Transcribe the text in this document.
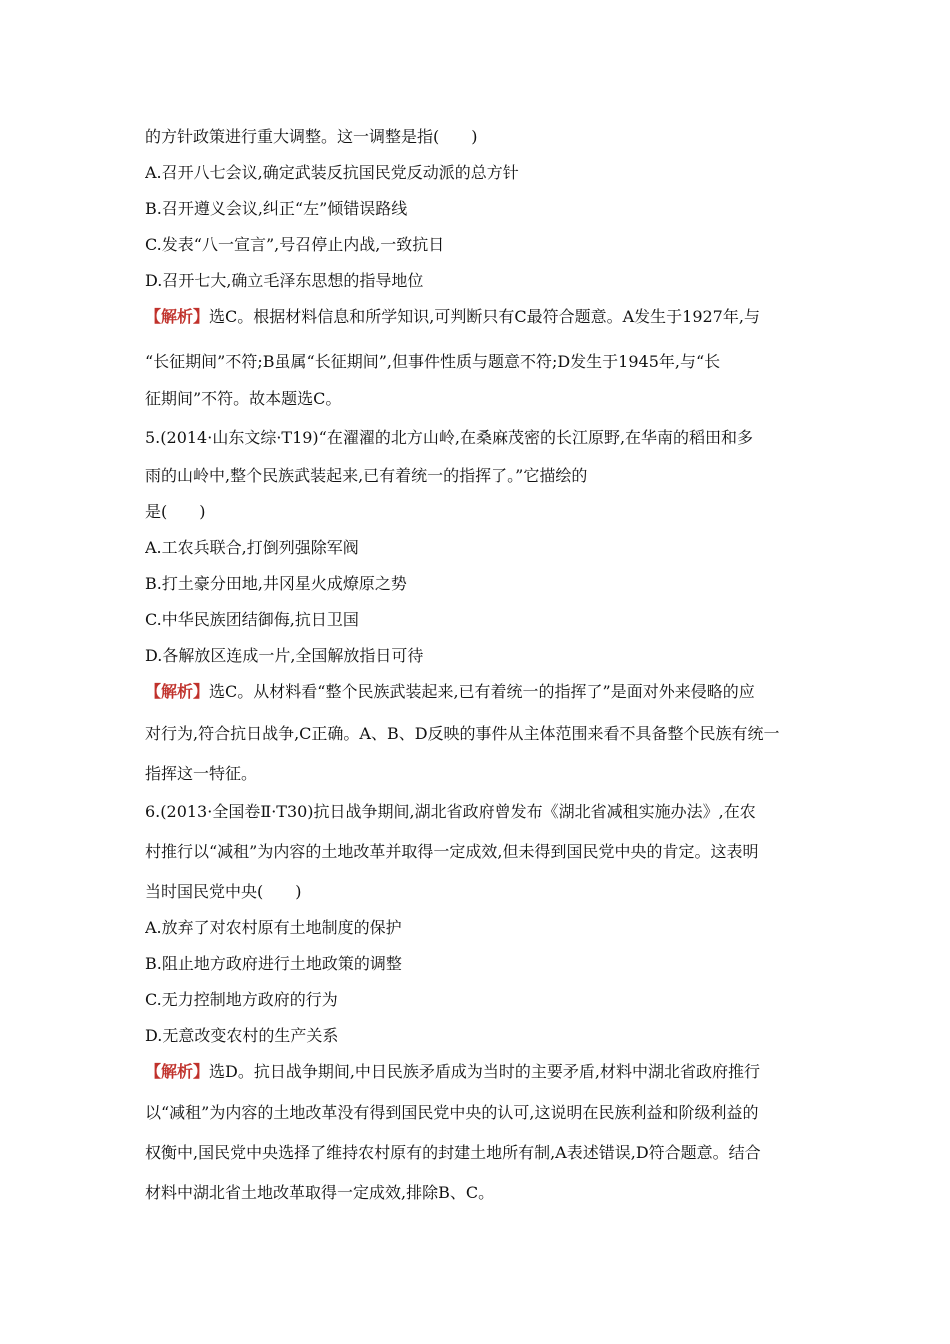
的方针政策进行重大调整。这一调整是指(　　)
A.召开八七会议,确定武装反抗国民党反动派的总方针
B.召开遵义会议,纠正“左”倾错误路线
C.发表“八一宣言”,号召停止内战,一致抗日
D.召开七大,确立毛泽东思想的指导地位
【解析】选C。根据材料信息和所学知识,可判断只有C最符合题意。A发生于1927年,与
“长征期间”不符;B虽属“长征期间”,但事件性质与题意不符;D发生于1945年,与“长
征期间”不符。故本题选C。
5.(2014·山东文综·T19)“在濯濯的北方山岭,在桑麻茂密的长江原野,在华南的稻田和多
雨的山岭中,整个民族武装起来,已有着统一的指挥了。”它描绘的
是(　　)
A.工农兵联合,打倒列强除军阀
B.打土豪分田地,井冈星火成燎原之势
C.中华民族团结御侮,抗日卫国
D.各解放区连成一片,全国解放指日可待
【解析】选C。从材料看“整个民族武装起来,已有着统一的指挥了”是面对外来侵略的应
对行为,符合抗日战争,C正确。A、B、D反映的事件从主体范围来看不具备整个民族有统一
指挥这一特征。
6.(2013·全国卷Ⅱ·T30)抗日战争期间,湖北省政府曾发布《湖北省减租实施办法》,在农
村推行以“减租”为内容的土地改革并取得一定成效,但未得到国民党中央的肯定。这表明
当时国民党中央(　　)
A.放弃了对农村原有土地制度的保护
B.阻止地方政府进行土地政策的调整
C.无力控制地方政府的行为
D.无意改变农村的生产关系
【解析】选D。抗日战争期间,中日民族矛盾成为当时的主要矛盾,材料中湖北省政府推行
以“减租”为内容的土地改革没有得到国民党中央的认可,这说明在民族利益和阶级利益的
权衡中,国民党中央选择了维持农村原有的封建土地所有制,A表述错误,D符合题意。结合
材料中湖北省土地改革取得一定成效,排除B、C。
